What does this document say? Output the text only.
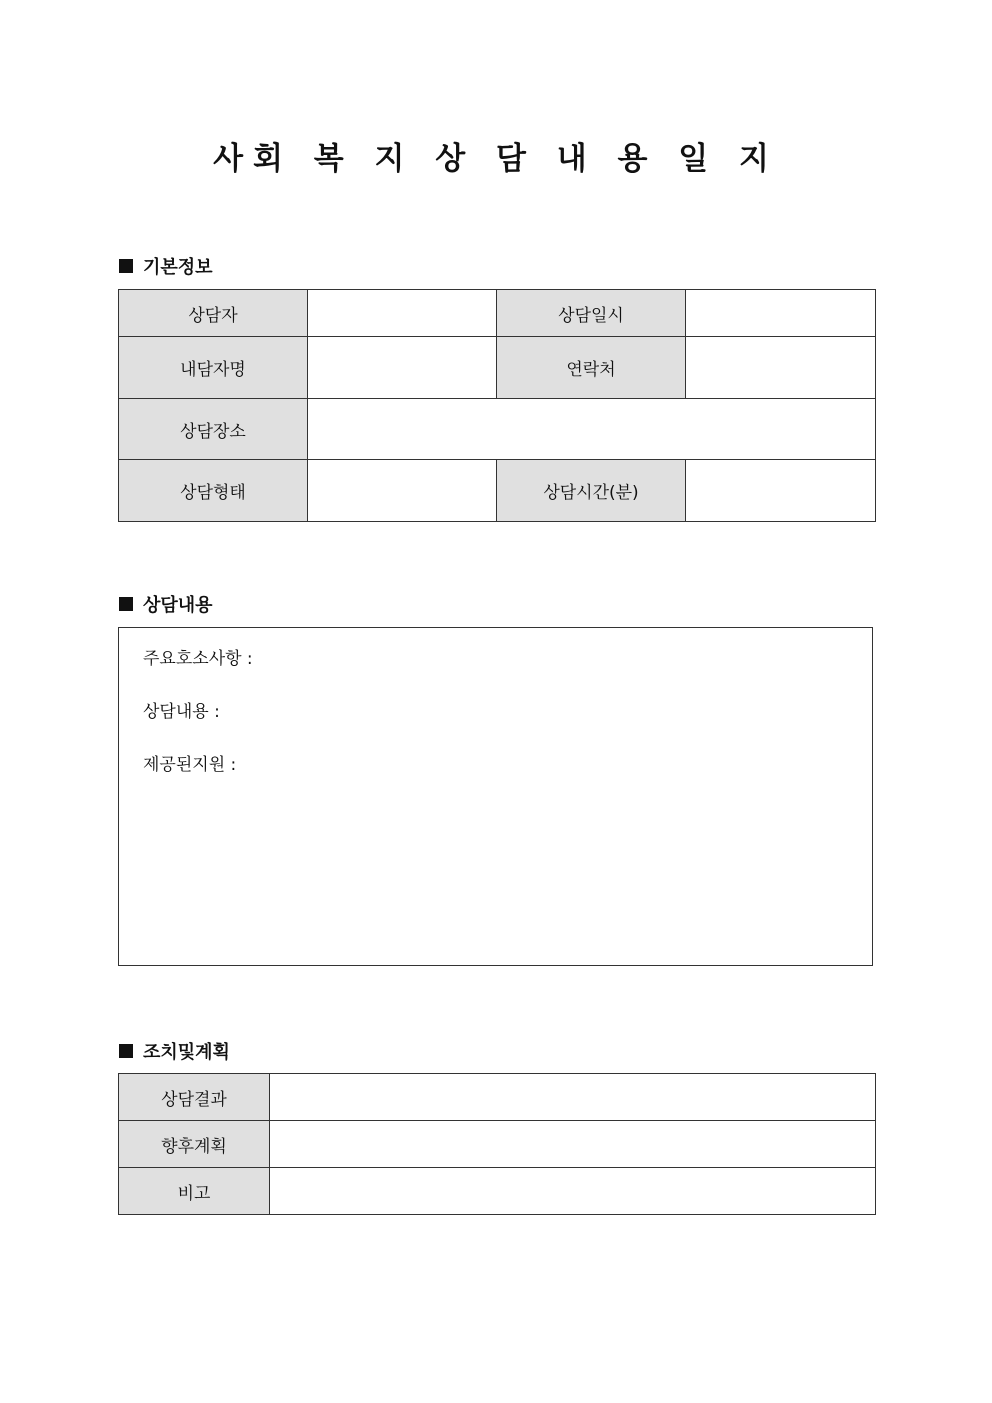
사회 복 지 상 담 내 용 일 지
기본정보
상담자		상담일시	
내담자명		연락처	
상담장소			
상담형태		상담시간(분)	
상담내용
주요호소사항 :
상담내용 :
제공된지원 :
조치및계획
상담결과	
향후계획	
비고	
